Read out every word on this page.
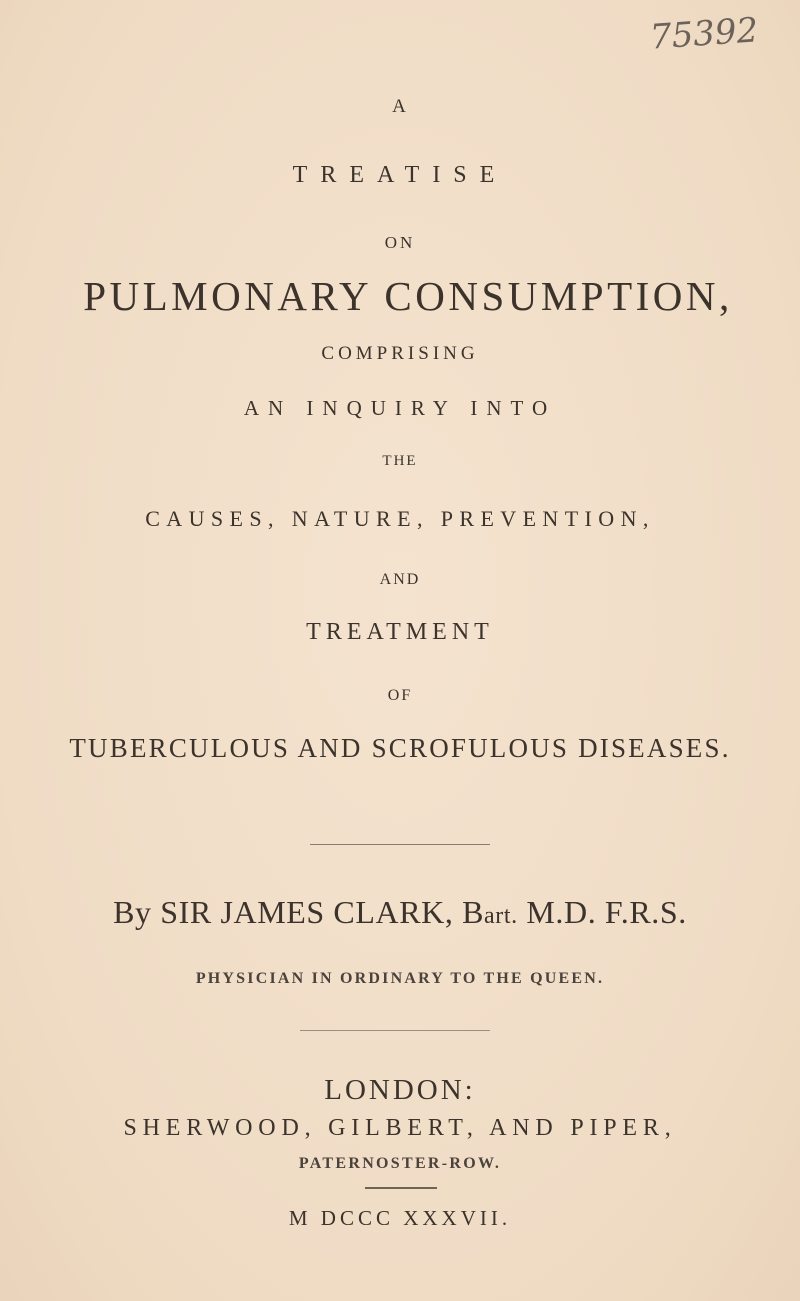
75392
A
TREATISE
ON
PULMONARY CONSUMPTION,
COMPRISING
AN INQUIRY INTO
THE
CAUSES, NATURE, PREVENTION,
AND
TREATMENT
OF
TUBERCULOUS AND SCROFULOUS DISEASES.
By SIR JAMES CLARK, Bart. M.D. F.R.S.
PHYSICIAN IN ORDINARY TO THE QUEEN.
LONDON:
SHERWOOD, GILBERT, AND PIPER,
PATERNOSTER-ROW.
M DCCC XXXVII.
